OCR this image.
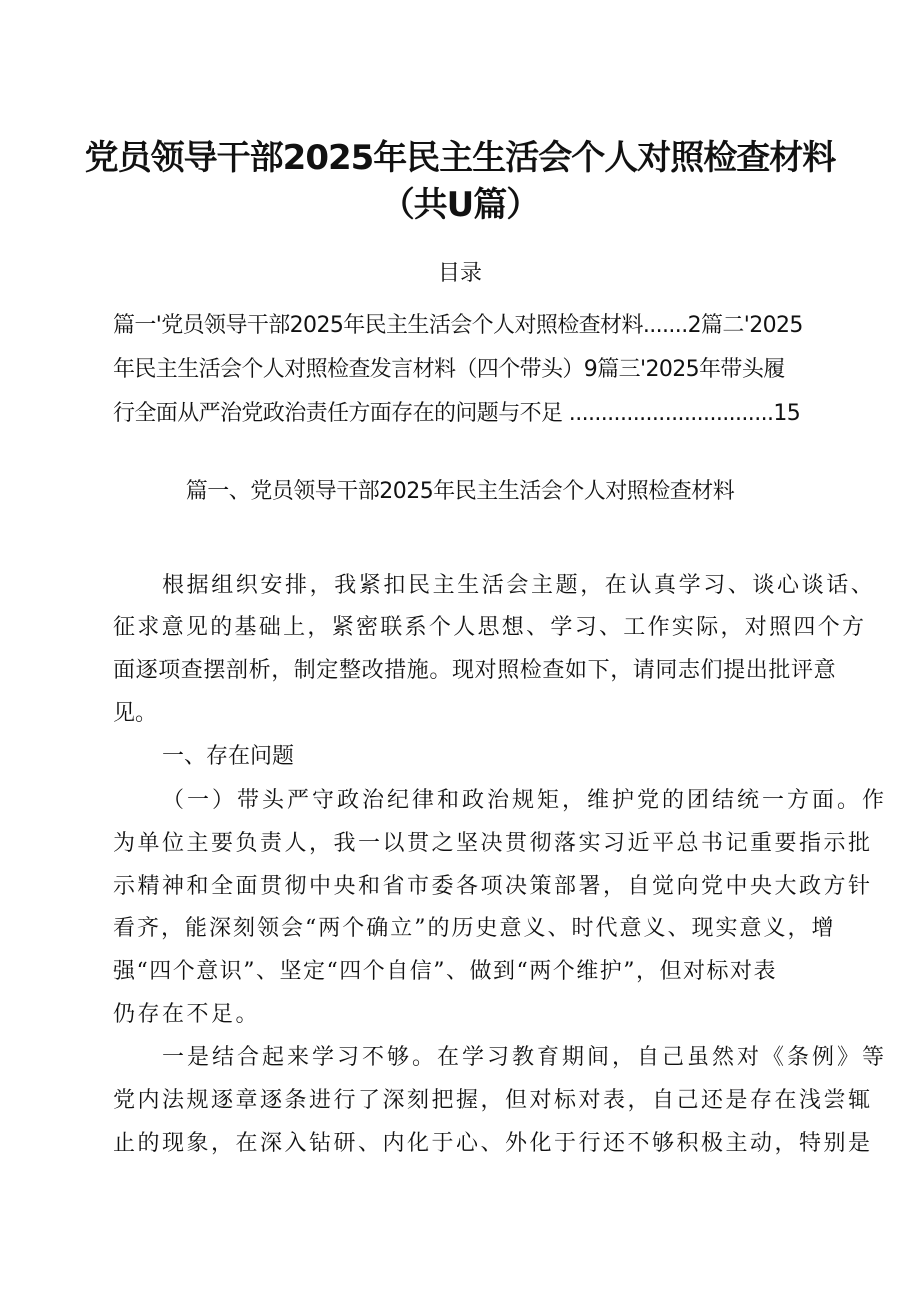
党员领导干部2025年民主生活会个人对照检查材料
（共U篇）
目录
篇一'党员领导干部2025年民主生活会个人对照检查材料.......2篇二'2025
年民主生活会个人对照检查发言材料（四个带头）9篇三'2025年带头履
行全面从严治党政治责任方面存在的问题与不足 ................................15
篇一、党员领导干部2025年民主生活会个人对照检查材料
根据组织安排，我紧扣民主生活会主题，在认真学习、谈心谈话、
征求意见的基础上，紧密联系个人思想、学习、工作实际，对照四个方
面逐项查摆剖析，制定整改措施。现对照检查如下，请同志们提出批评意
见。
一、存在问题
（一）带头严守政治纪律和政治规矩，维护党的团结统一方面。作
为单位主要负责人，我一以贯之坚决贯彻落实习近平总书记重要指示批
示精神和全面贯彻中央和省市委各项决策部署，自觉向党中央大政方针
看齐，能深刻领会“两个确立”的历史意义、时代意义、现实意义，增
强“四个意识”、坚定“四个自信”、做到“两个维护”，但对标对表
仍存在不足。
一是结合起来学习不够。在学习教育期间，自己虽然对《条例》等
党内法规逐章逐条进行了深刻把握，但对标对表，自己还是存在浅尝辄
止的现象，在深入钻研、内化于心、外化于行还不够积极主动，特别是
